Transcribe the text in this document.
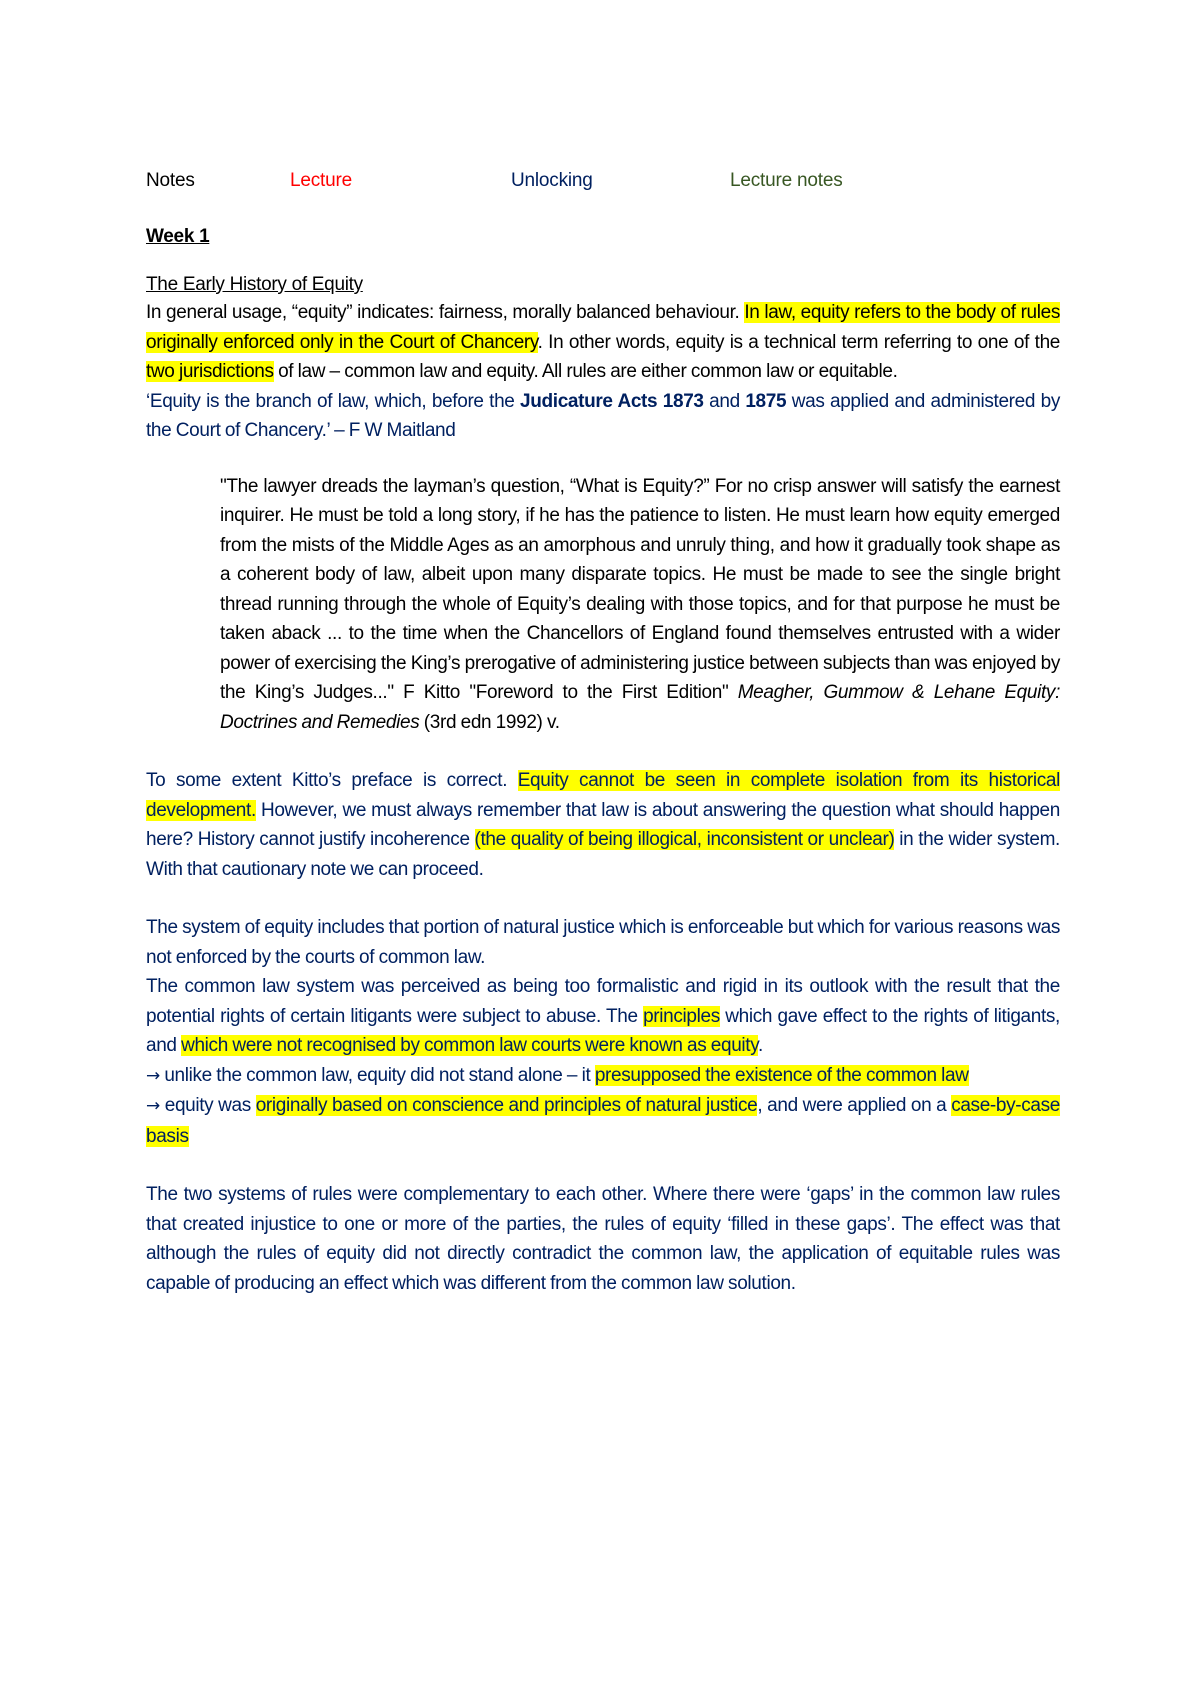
Notes	Lecture	Unlocking	Lecture notes
Week 1
The Early History of Equity

In general usage, “equity” indicates: fairness, morally balanced behaviour. In law, equity refers to the body of rules originally enforced only in the Court of Chancery. In other words, equity is a technical term referring to one of the two jurisdictions of law – common law and equity. All rules are either common law or equitable.

‘Equity is the branch of law, which, before the Judicature Acts 1873 and 1875 was applied and administered by the Court of Chancery.’ – F W Maitland

"The lawyer dreads the layman’s question, “What is Equity?” For no crisp answer will satisfy the earnest inquirer. He must be told a long story, if he has the patience to listen. He must learn how equity emerged from the mists of the Middle Ages as an amorphous and unruly thing, and how it gradually took shape as a coherent body of law, albeit upon many disparate topics. He must be made to see the single bright thread running through the whole of Equity’s dealing with those topics, and for that purpose he must be taken aback ... to the time when the Chancellors of England found themselves entrusted with a wider power of exercising the King’s prerogative of administering justice between subjects than was enjoyed by the King’s Judges..." F Kitto "Foreword to the First Edition" Meagher, Gummow & Lehane Equity: Doctrines and Remedies (3rd edn 1992) v.

To some extent Kitto’s preface is correct. Equity cannot be seen in complete isolation from its historical development. However, we must always remember that law is about answering the question what should happen here? History cannot justify incoherence (the quality of being illogical, inconsistent or unclear) in the wider system. With that cautionary note we can proceed.

The system of equity includes that portion of natural justice which is enforceable but which for various reasons was not enforced by the courts of common law.

The common law system was perceived as being too formalistic and rigid in its outlook with the result that the potential rights of certain litigants were subject to abuse. The principles which gave effect to the rights of litigants, and which were not recognised by common law courts were known as equity.

→ unlike the common law, equity did not stand alone – it presupposed the existence of the common law

→ equity was originally based on conscience and principles of natural justice, and were applied on a case-by-case basis

The two systems of rules were complementary to each other. Where there were ‘gaps’ in the common law rules that created injustice to one or more of the parties, the rules of equity ‘filled in these gaps’. The effect was that although the rules of equity did not directly contradict the common law, the application of equitable rules was capable of producing an effect which was different from the common law solution.
